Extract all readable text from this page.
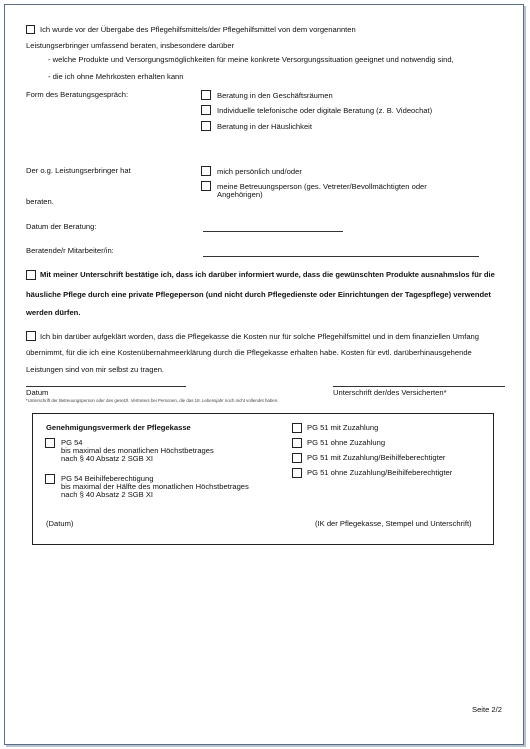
Ich wurde vor der Übergabe des Pflegehilfsmittels/der Pflegehilfsmittel von dem vorgenannten
Leistungserbringer umfassend beraten, insbesondere darüber
- welche Produkte und Versorgungsmöglichkeiten für meine konkrete Versorgungssituation geeignet und notwendig sind,
- die ich ohne Mehrkosten erhalten kann
Form des Beratungsgespräch:	Beratung in den Geschäftsräumen
Individuelle telefonische oder digitale Beratung (z. B. Videochat)
Beratung in der Häuslichkeit
Der o.g. Leistungserbringer hat	mich persönlich und/oder
meine Betreuungsperson (ges. Vetreter/Bevollmächtigten oder
Angehörigen)
beraten.
Datum der Beratung:
Beratende/r Mitarbeiter/in:
Mit meiner Unterschrift bestätige ich, dass ich darüber informiert wurde, dass die gewünschten Produkte ausnahmslos für die
häusliche Pflege durch eine private Pflegeperson (und nicht durch Pflegedienste oder Einrichtungen der Tagespflege) verwendet
werden dürfen.
Ich bin darüber aufgeklärt worden, dass die Pflegekasse die Kosten nur für solche Pflegehilfsmittel und in dem finanziellen Umfang
übernimmt, für die ich eine Kostenübernahmeerklärung durch die Pflegekasse erhalten habe. Kosten für evtl. darüberhinausgehende
Leistungen sind von mir selbst zu tragen.
Datum	Unterschrift der/des Versicherten*
*Unterschrift der Betreuungsperson oder des gesetzl. Vertreters bei Personen, die das 18. Lebensjahr noch nicht vollendet haben.
Genehmigungsvermerk der Pflegekasse
PG 54
bis maximal des monatlichen Höchstbetrages
nach § 40 Absatz 2 SGB XI
PG 54 Beihilfeberechtigung
bis maximal der Hälfte des monatlichen Höchstbetrages
nach § 40 Absatz 2 SGB XI
PG 51 mit Zuzahlung
PG 51 ohne Zuzahlung
PG 51 mit Zuzahlung/Beihilfeberechtigter
PG 51 ohne Zuzahlung/Beihilfeberechtigter
(Datum)	(IK der Pflegekasse, Stempel und Unterschrift)
Seite 2/2
